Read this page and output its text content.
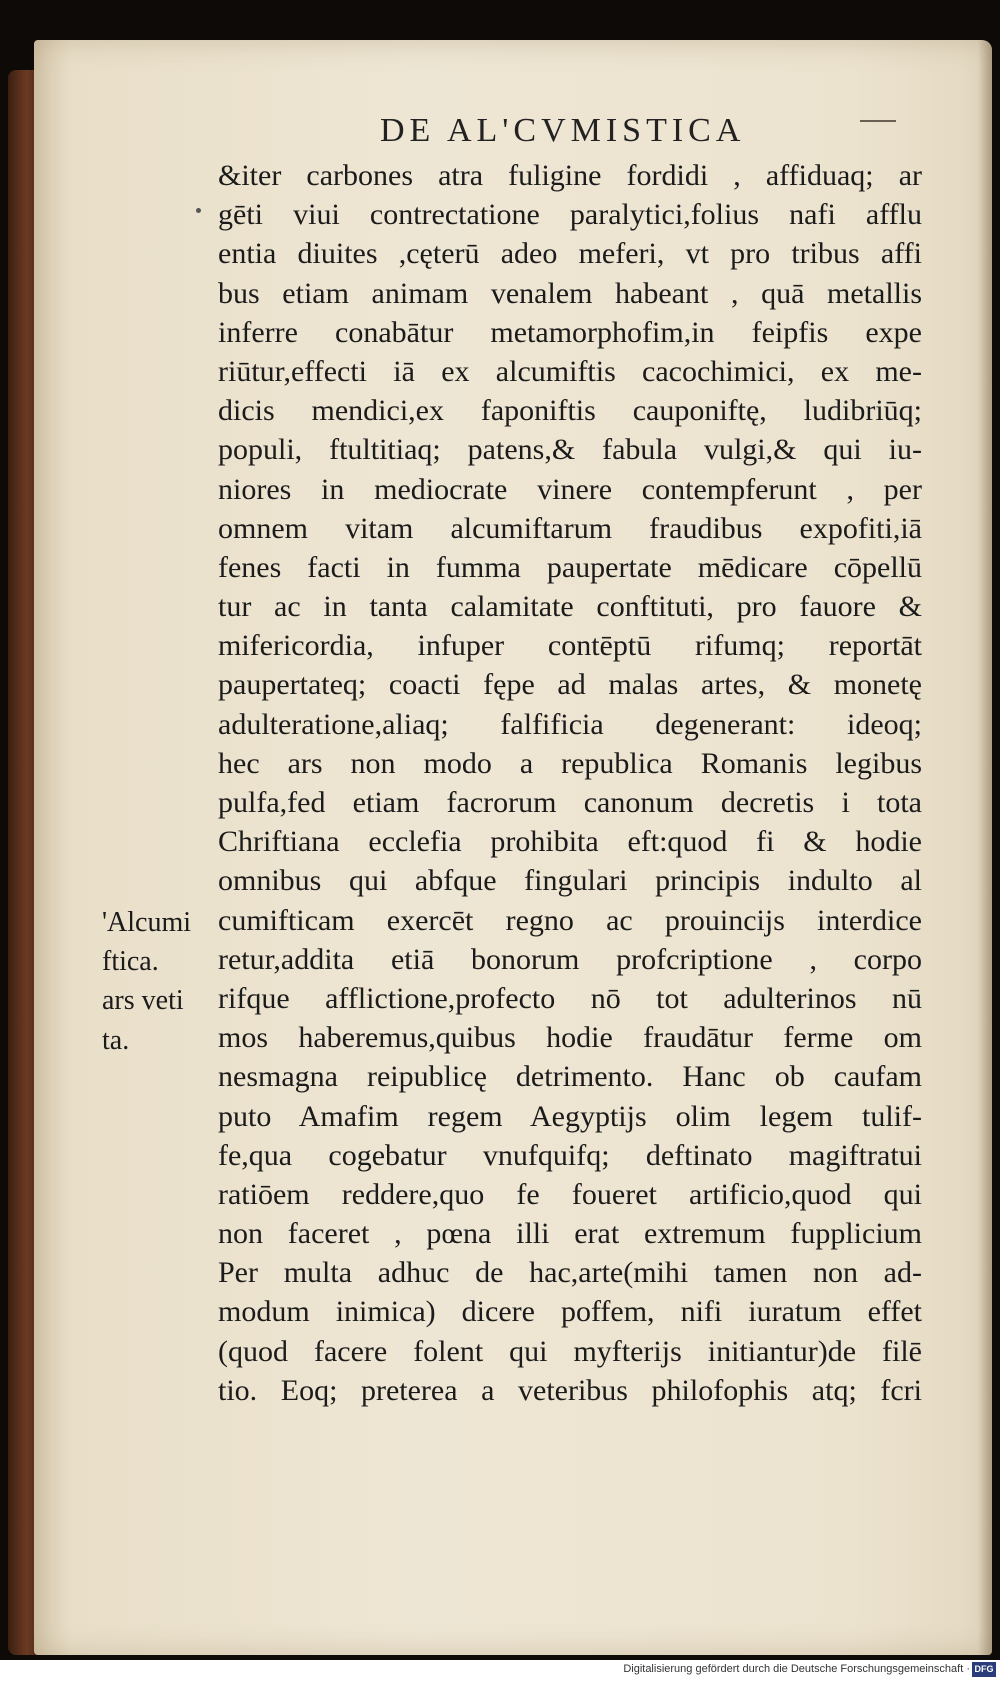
DE AL'CVMISTICA
&iter carbones atra fuligine fordidi , affiduaq; ar
gēti viui contrectatione paralytici,folius nafi afflu
entia diuites ,cęterū adeo meferi, vt pro tribus affi
bus etiam animam venalem habeant , quā metallis
inferre conabātur metamorphofim,in feipfis expe
riūtur,effecti iā ex alcumiftis cacochimici, ex me-
dicis mendici,ex faponiftis cauponiftę, ludibriūq;
populi, ftultitiaq; patens,& fabula vulgi,& qui iu-
niores in mediocrate vinere contempferunt , per
omnem vitam alcumiftarum fraudibus expofiti,iā
fenes facti in fumma paupertate mēdicare cōpellū
tur ac in tanta calamitate conftituti, pro fauore &
mifericordia, infuper contēptū rifumq; reportāt
paupertateq; coacti fępe ad malas artes, & monetę
adulteratione,aliaq; falfificia degenerant: ideoq;
hec ars non modo a republica Romanis legibus
pulfa,fed etiam facrorum canonum decretis i tota
Chriftiana ecclefia prohibita eft:quod fi & hodie
omnibus qui abfque fingulari principis indulto al
cumifticam exercēt regno ac prouincijs interdice
retur,addita etiā bonorum profcriptione , corpo
rifque afflictione,profecto nō tot adulterinos nū
mos haberemus,quibus hodie fraudātur ferme om
nesmagna reipublicę detrimento. Hanc ob caufam
puto Amafim regem Aegyptijs olim legem tulif-
fe,qua cogebatur vnufquifq; deftinato magiftratui
ratiōem reddere,quo fe foueret artificio,quod qui
non faceret , pœna illi erat extremum fupplicium
Per multa adhuc de hac,arte(mihi tamen non ad-
modum inimica) dicere poffem, nifi iuratum effet
(quod facere folent qui myfterijs initiantur)de filē
tio. Eoq; preterea a veteribus philofophis atq; fcri
'Alcumi
ftica.
ars veti
ta.
Digitalisierung gefördert durch die Deutsche Forschungsgemeinschaft · DFG
